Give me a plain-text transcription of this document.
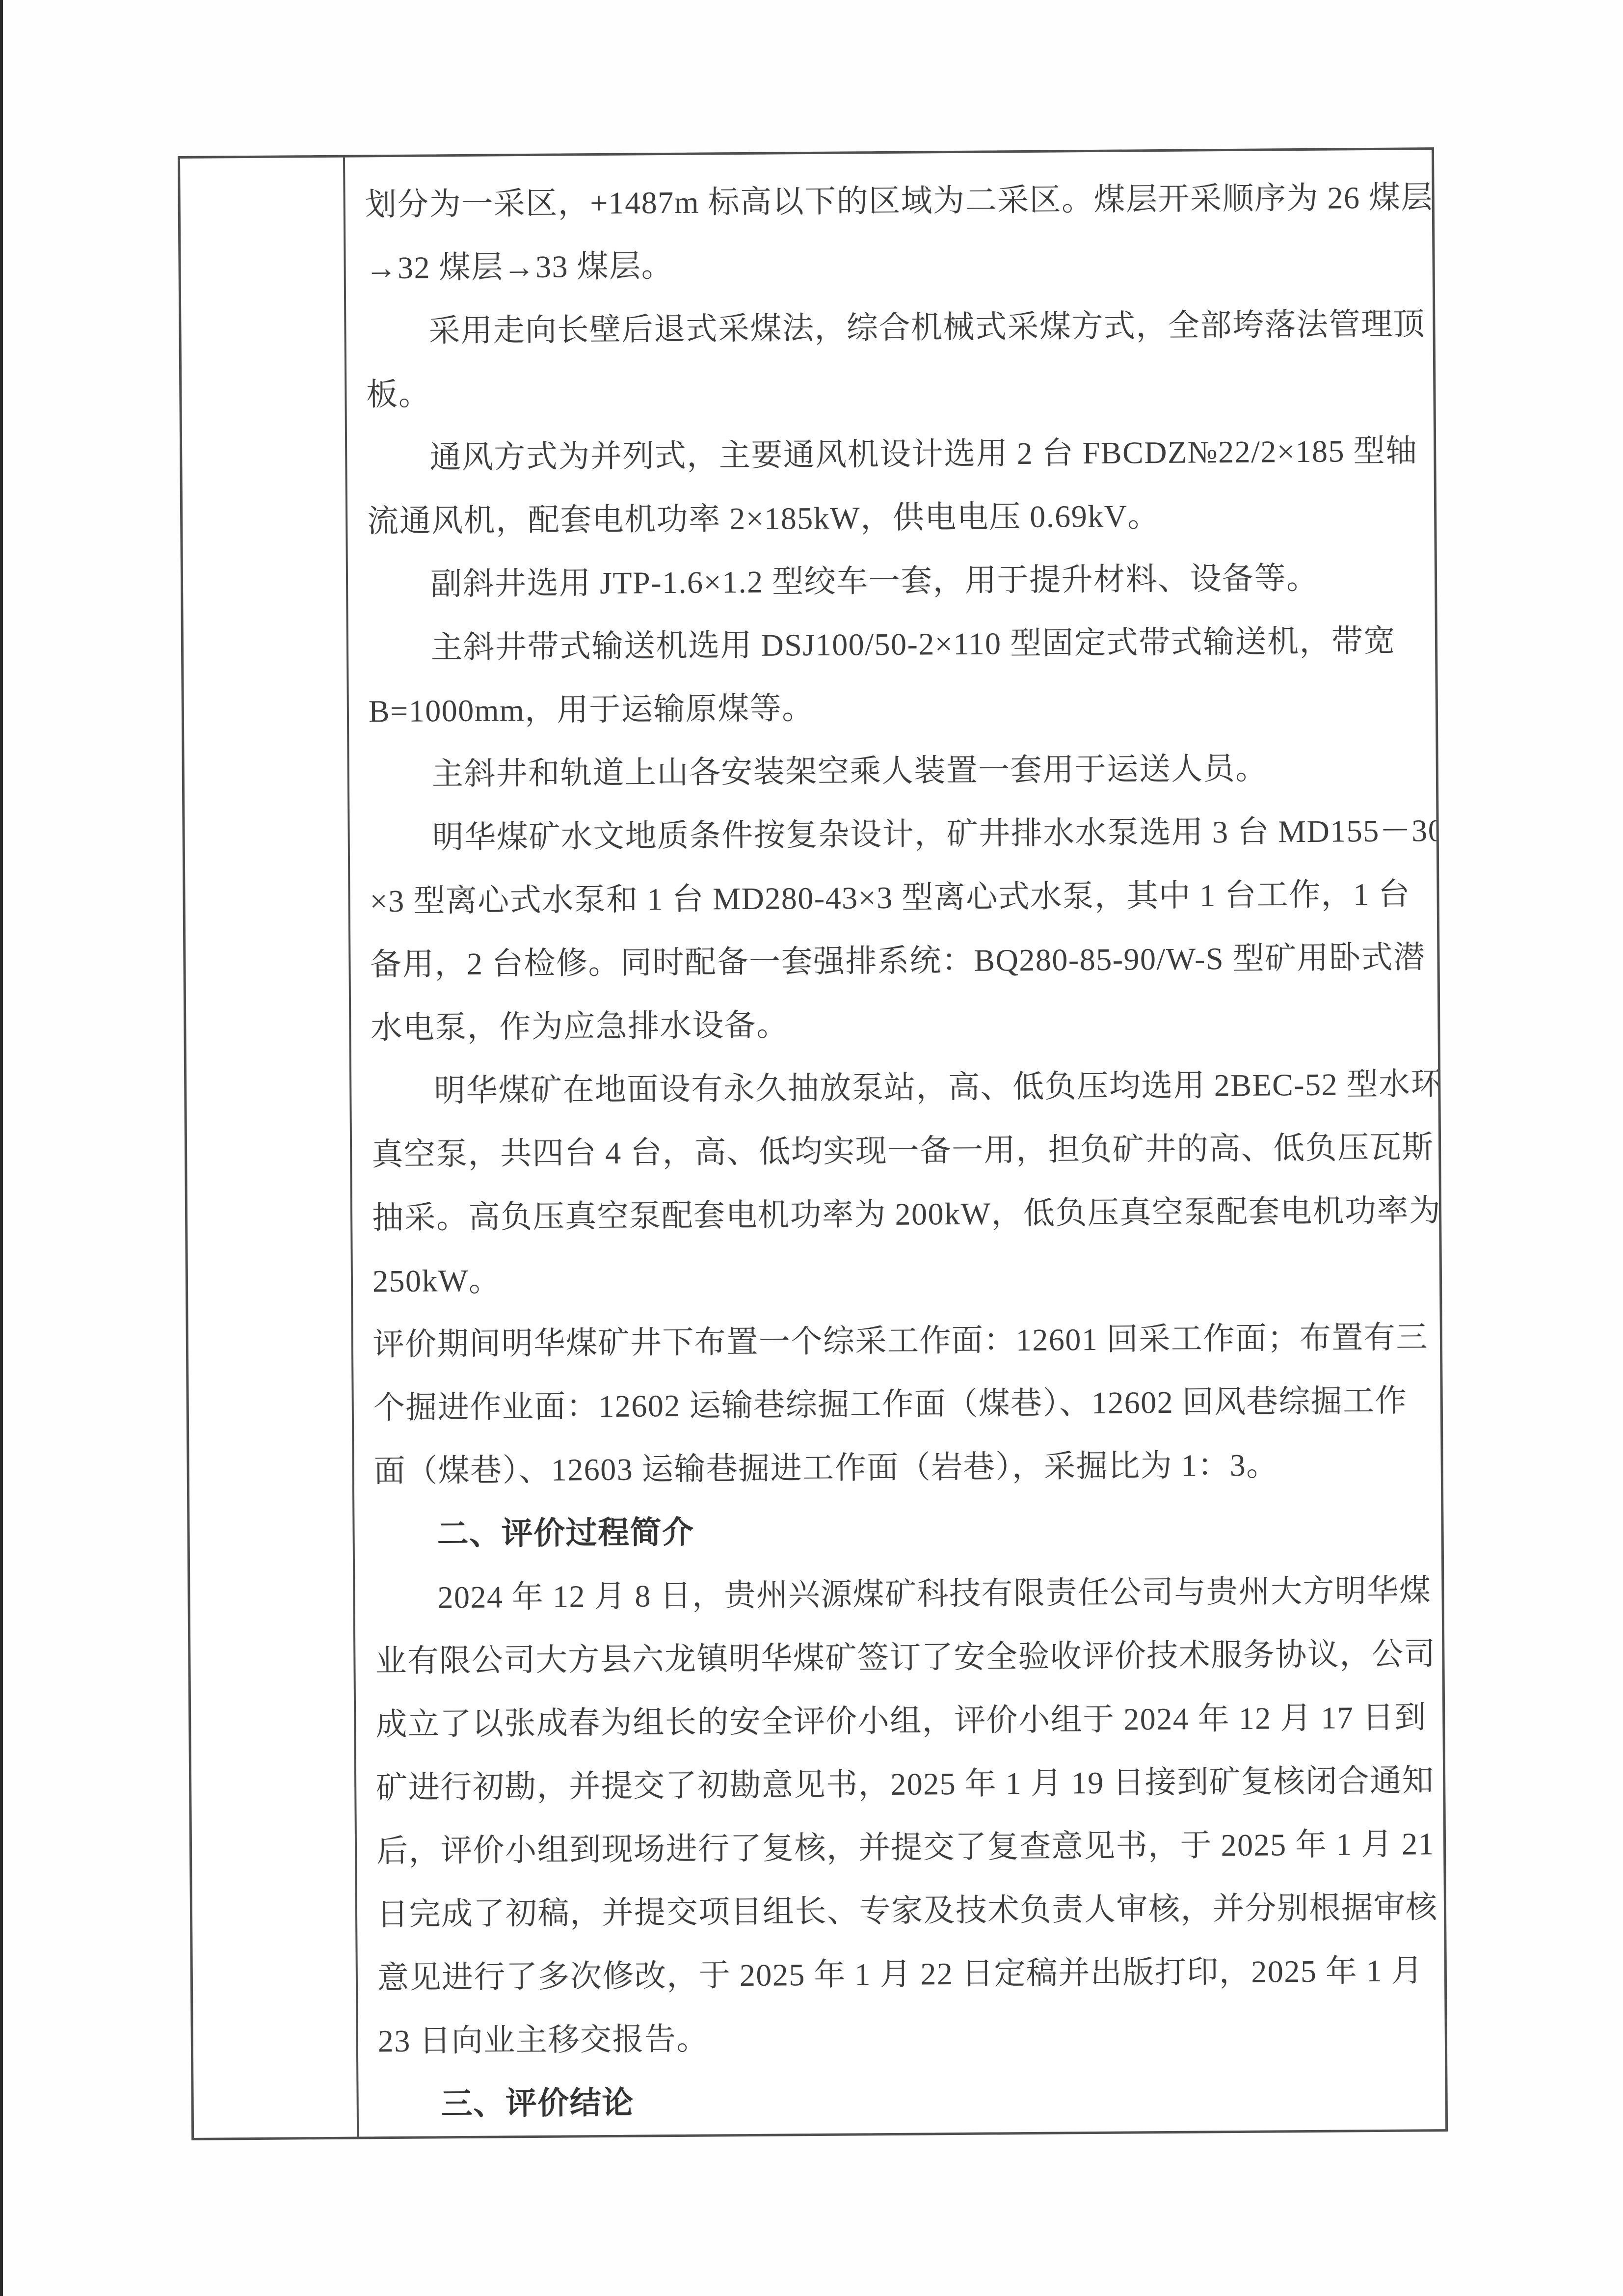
划分为一采区，+1487m 标高以下的区域为二采区。煤层开采顺序为 26 煤层
→32 煤层→33 煤层。
采用走向长壁后退式采煤法，综合机械式采煤方式，全部垮落法管理顶
板。
通风方式为并列式，主要通风机设计选用 2 台 FBCDZ№22/2×185 型轴
流通风机，配套电机功率 2×185kW，供电电压 0.69kV。
副斜井选用 JTP-1.6×1.2 型绞车一套，用于提升材料、设备等。
主斜井带式输送机选用 DSJ100/50-2×110 型固定式带式输送机，带宽
B=1000mm，用于运输原煤等。
主斜井和轨道上山各安装架空乘人装置一套用于运送人员。
明华煤矿水文地质条件按复杂设计，矿井排水水泵选用 3 台 MD155－30
×3 型离心式水泵和 1 台 MD280-43×3 型离心式水泵，其中 1 台工作，1 台
备用，2 台检修。同时配备一套强排系统：BQ280-85-90/W-S 型矿用卧式潜
水电泵，作为应急排水设备。
明华煤矿在地面设有永久抽放泵站，高、低负压均选用 2BEC-52 型水环
真空泵，共四台 4 台，高、低均实现一备一用，担负矿井的高、低负压瓦斯
抽采。高负压真空泵配套电机功率为 200kW，低负压真空泵配套电机功率为
250kW。
评价期间明华煤矿井下布置一个综采工作面：12601 回采工作面；布置有三
个掘进作业面：12602 运输巷综掘工作面（煤巷）、12602 回风巷综掘工作
面（煤巷）、12603 运输巷掘进工作面（岩巷），采掘比为 1：3。
二、评价过程简介
2024 年 12 月 8 日，贵州兴源煤矿科技有限责任公司与贵州大方明华煤
业有限公司大方县六龙镇明华煤矿签订了安全验收评价技术服务协议，公司
成立了以张成春为组长的安全评价小组，评价小组于 2024 年 12 月 17 日到
矿进行初勘，并提交了初勘意见书，2025 年 1 月 19 日接到矿复核闭合通知
后，评价小组到现场进行了复核，并提交了复查意见书，于 2025 年 1 月 21
日完成了初稿，并提交项目组长、专家及技术负责人审核，并分别根据审核
意见进行了多次修改，于 2025 年 1 月 22 日定稿并出版打印，2025 年 1 月
23 日向业主移交报告。
三、评价结论
